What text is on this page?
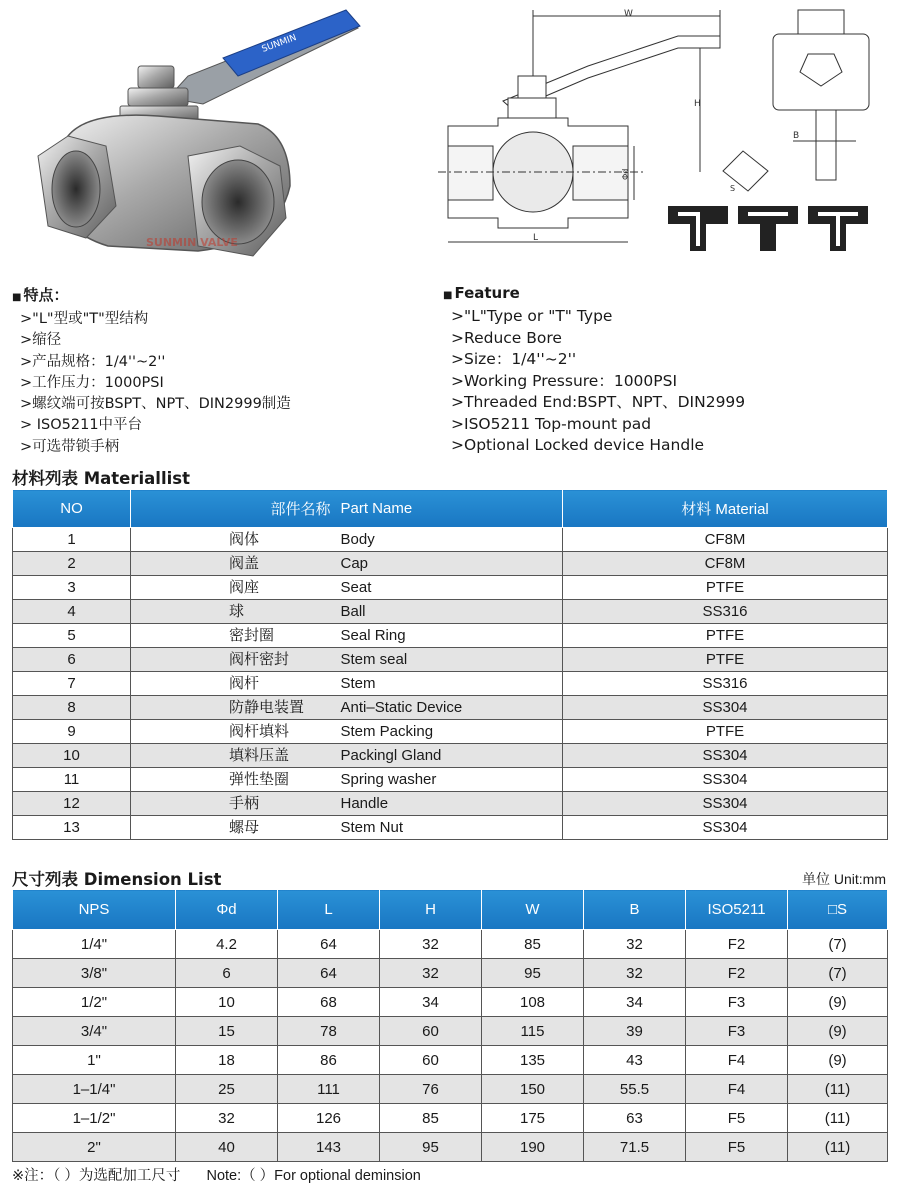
SUNMIN
SUNMIN VALVE
W
H
Φd
L
B
S
■ 特点：
>"L"型或"T"型结构
>缩径
>产品规格：1/4''~2''
>工作压力：1000PSI
>螺纹端可按BSPT、NPT、DIN2999制造
> ISO5211中平台
>可选带锁手柄
■ Feature
>"L"Type or "T" Type
>Reduce Bore
>Size：1/4''~2''
>Working Pressure：1000PSI
>Threaded End:BSPT、NPT、DIN2999
>ISO5211 Top-mount pad
>Optional Locked device Handle
材料列表 Materiallist
NO	部件名称	Part Name	材料 Material
1	阀体	Body	CF8M
2	阀盖	Cap	CF8M
3	阀座	Seat	PTFE
4	球	Ball	SS316
5	密封圈	Seal Ring	PTFE
6	阀杆密封	Stem seal	PTFE
7	阀杆	Stem	SS316
8	防静电装置	Anti–Static Device	SS304
9	阀杆填料	Stem Packing	PTFE
10	填料压盖	Packingl Gland	SS304
11	弹性垫圈	Spring washer	SS304
12	手柄	Handle	SS304
13	螺母	Stem Nut	SS304
尺寸列表 Dimension List	单位 Unit:mm
NPS	Φd	L	H	W	B	ISO5211	□S
1/4"	4.2	64	32	85	32	F2	(7)
3/8"	6	64	32	95	32	F2	(7)
1/2"	10	68	34	108	34	F3	(9)
3/4"	15	78	60	115	39	F3	(9)
1"	18	86	60	135	43	F4	(9)
1–1/4"	25	111	76	150	55.5	F4	(11)
1–1/2"	32	126	85	175	63	F5	(11)
2"	40	143	95	190	71.5	F5	(11)
※注：（ ）为选配加工尺寸 Note:（ ）For optional deminsion
